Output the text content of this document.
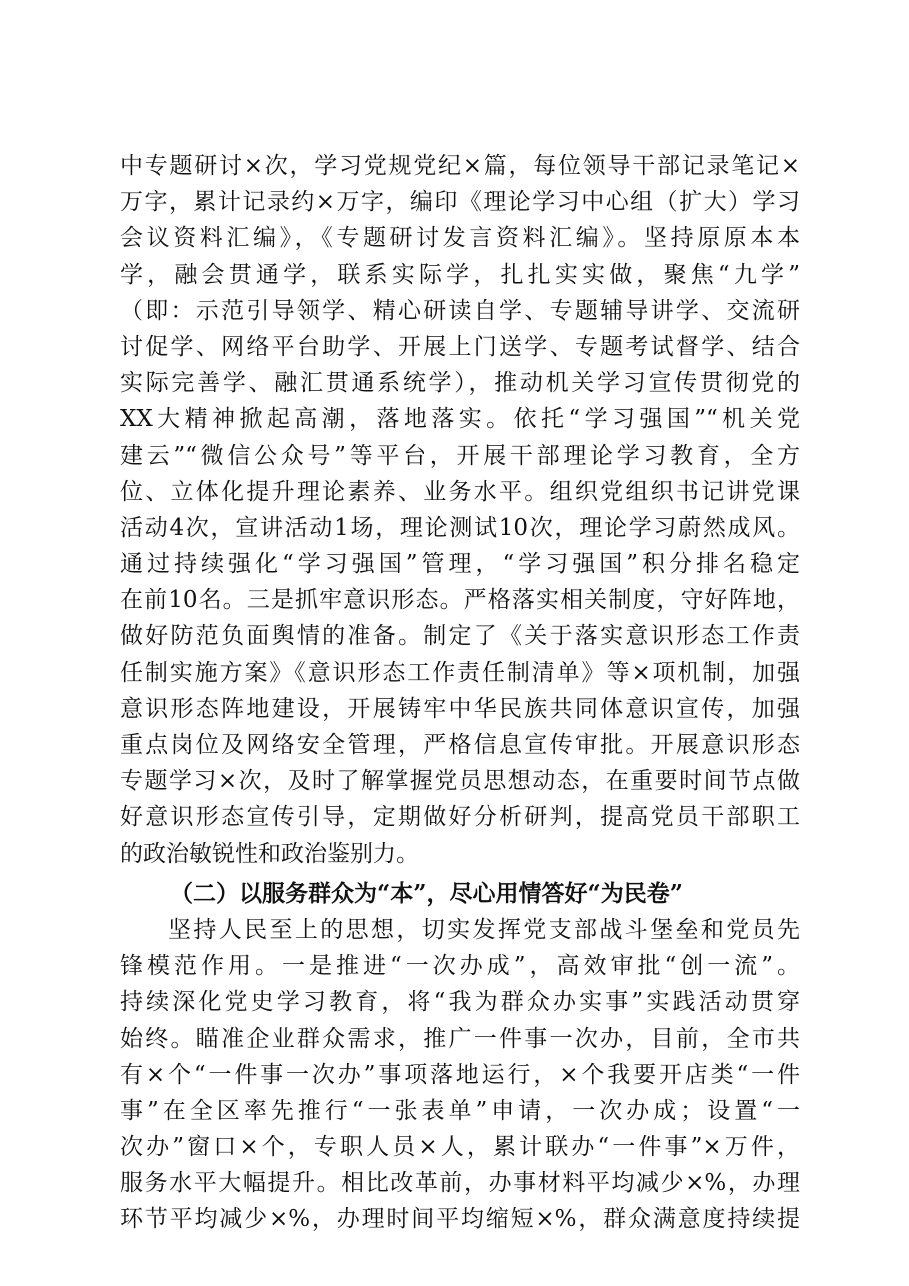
中专题研讨×次，学习党规党纪×篇，每位领导干部记录笔记×
万字，累计记录约×万字，编印《理论学习中心组（扩大）学习
会议资料汇编》，《专题研讨发言资料汇编》。坚持原原本本
学，融会贯通学，联系实际学，扎扎实实做，聚焦“九学”
（即：示范引导领学、精心研读自学、专题辅导讲学、交流研
讨促学、网络平台助学、开展上门送学、专题考试督学、结合
实际完善学、融汇贯通系统学），推动机关学习宣传贯彻党的
XX大精神掀起高潮，落地落实。依托“学习强国”“机关党
建云”“微信公众号”等平台，开展干部理论学习教育，全方
位、立体化提升理论素养、业务水平。组织党组织书记讲党课
活动4次，宣讲活动1场，理论测试10次，理论学习蔚然成风。
通过持续强化“学习强国”管理，“学习强国”积分排名稳定
在前10名。三是抓牢意识形态。严格落实相关制度，守好阵地，
做好防范负面舆情的准备。制定了《关于落实意识形态工作责
任制实施方案》《意识形态工作责任制清单》等×项机制，加强
意识形态阵地建设，开展铸牢中华民族共同体意识宣传，加强
重点岗位及网络安全管理，严格信息宣传审批。开展意识形态
专题学习×次，及时了解掌握党员思想动态，在重要时间节点做
好意识形态宣传引导，定期做好分析研判，提高党员干部职工
的政治敏锐性和政治鉴别力。
（二）以服务群众为“本”，尽心用情答好“为民卷”
坚持人民至上的思想，切实发挥党支部战斗堡垒和党员先
锋模范作用。一是推进“一次办成”，高效审批“创一流”。
持续深化党史学习教育，将“我为群众办实事”实践活动贯穿
始终。瞄准企业群众需求，推广一件事一次办，目前，全市共
有×个“一件事一次办”事项落地运行，×个我要开店类“一件
事”在全区率先推行“一张表单”申请，一次办成；设置“一
次办”窗口×个，专职人员×人，累计联办“一件事”×万件，
服务水平大幅提升。相比改革前，办事材料平均减少×%，办理
环节平均减少×%，办理时间平均缩短×%，群众满意度持续提
